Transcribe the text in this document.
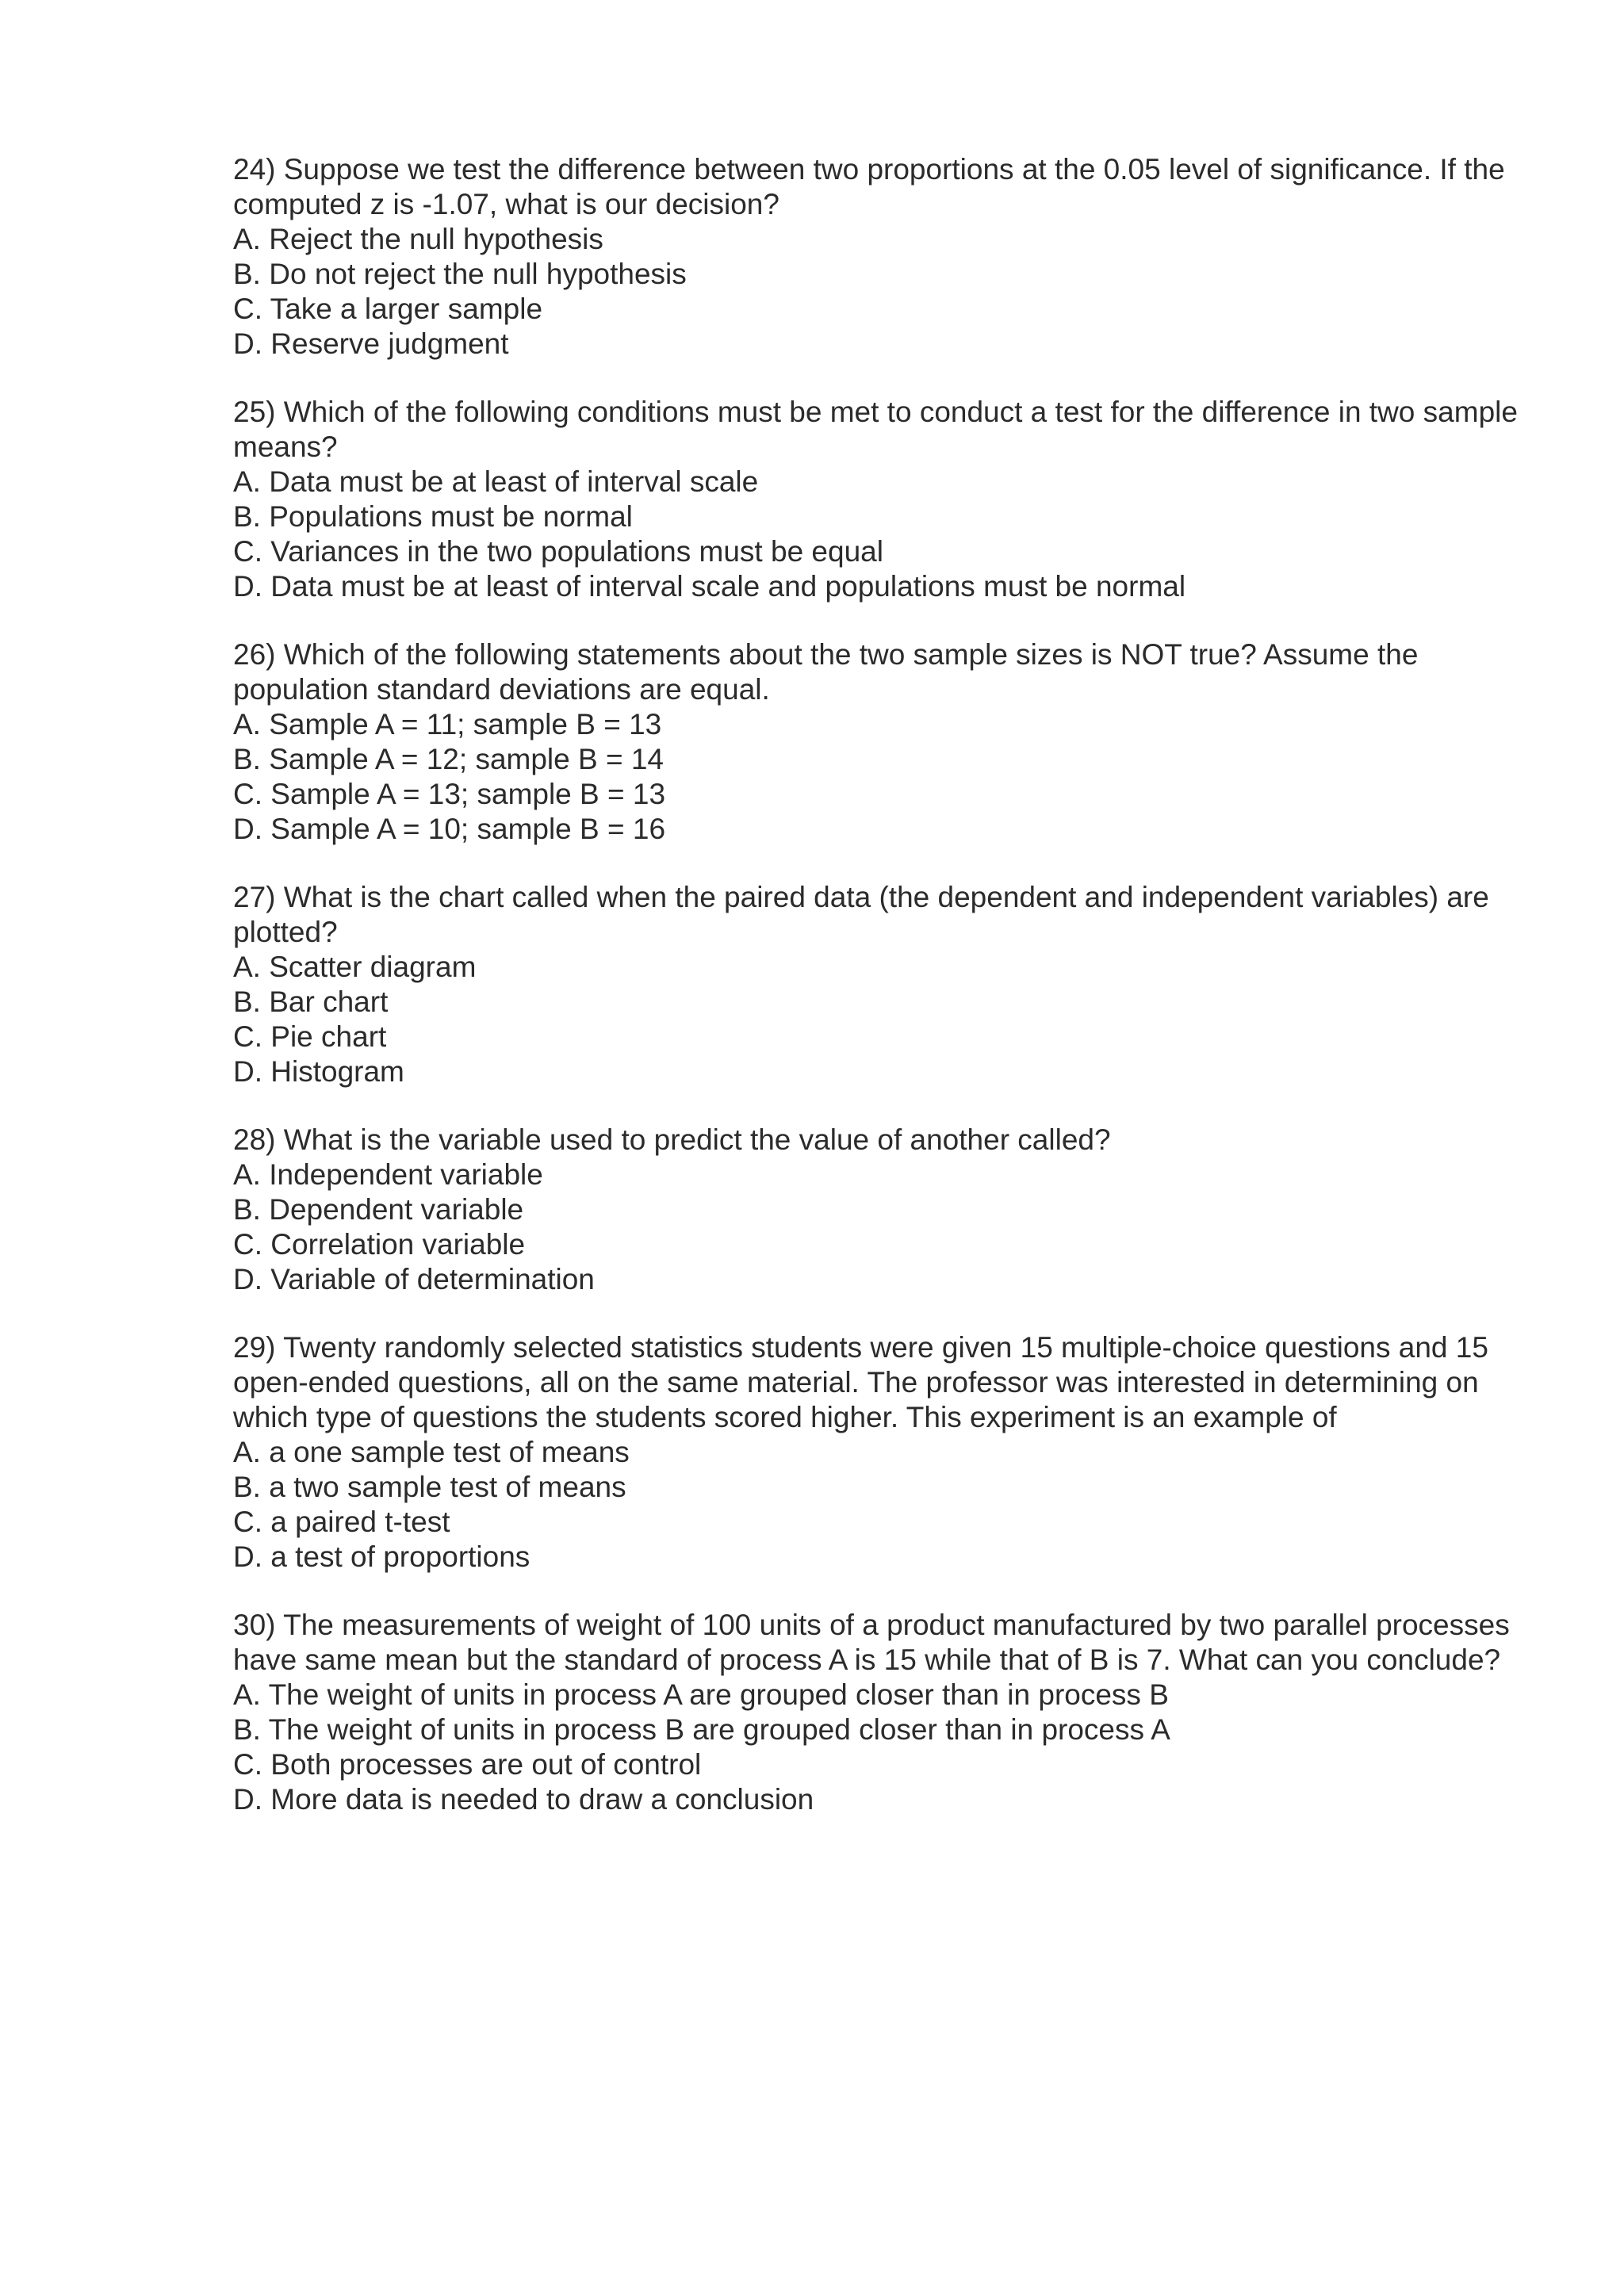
24) Suppose we test the difference between two proportions at the 0.05 level of significance. If the computed z is -1.07, what is our decision?

A. Reject the null hypothesis
B. Do not reject the null hypothesis
C. Take a larger sample
D. Reserve judgment

25) Which of the following conditions must be met to conduct a test for the difference in two sample means?

A. Data must be at least of interval scale
B. Populations must be normal
C. Variances in the two populations must be equal
D. Data must be at least of interval scale and populations must be normal

26) Which of the following statements about the two sample sizes is NOT true? Assume the population standard deviations are equal.

A. Sample A = 11; sample B = 13
B. Sample A = 12; sample B = 14
C. Sample A = 13; sample B = 13
D. Sample A = 10; sample B = 16

27) What is the chart called when the paired data (the dependent and independent variables) are plotted?

A. Scatter diagram
B. Bar chart
C. Pie chart
D. Histogram

28) What is the variable used to predict the value of another called?

A. Independent variable
B. Dependent variable
C. Correlation variable
D. Variable of determination

29) Twenty randomly selected statistics students were given 15 multiple-choice questions and 15 open-ended questions, all on the same material. The professor was interested in determining on which type of questions the students scored higher. This experiment is an example of

A. a one sample test of means
B. a two sample test of means
C. a paired t-test
D. a test of proportions

30) The measurements of weight of 100 units of a product manufactured by two parallel processes have same mean but the standard of process A is 15 while that of B is 7. What can you conclude?

A. The weight of units in process A are grouped closer than in process B
B. The weight of units in process B are grouped closer than in process A
C. Both processes are out of control
D. More data is needed to draw a conclusion
